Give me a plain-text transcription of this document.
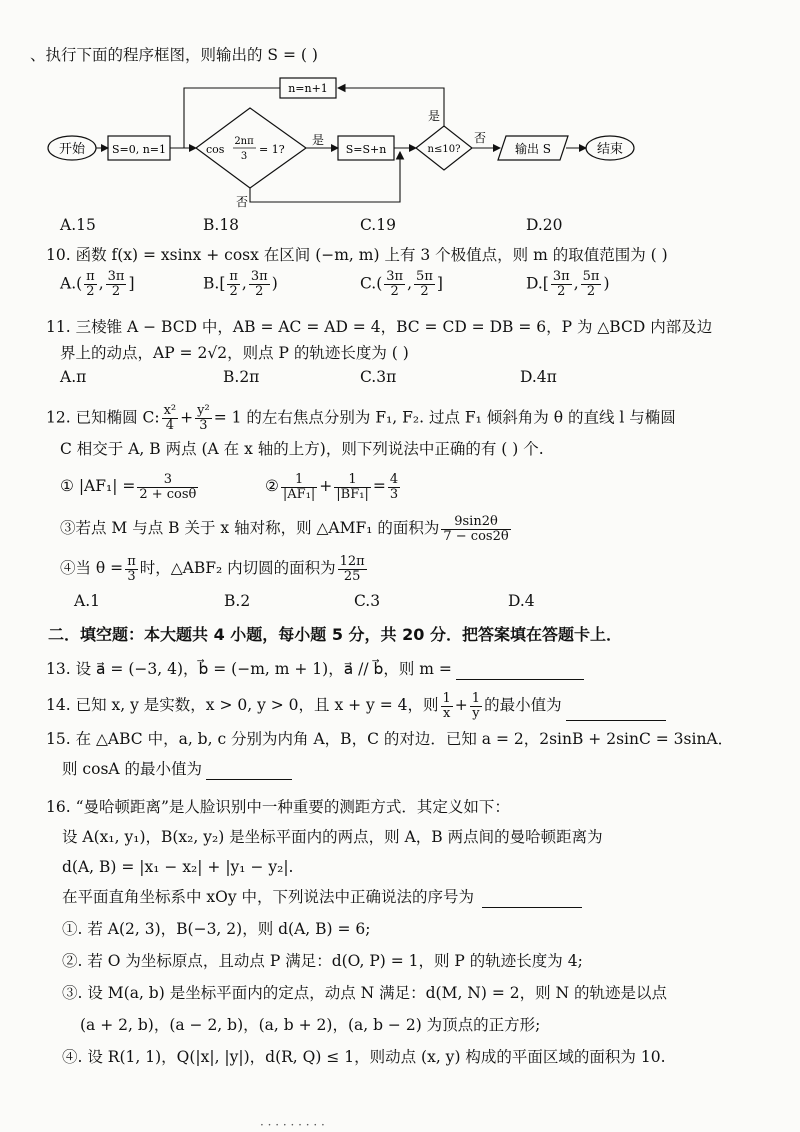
、执行下面的程序框图，则输出的 S = ( )
开始 S=0, n=1	cos
2nπ
3
= 1?
是
否
S=S+n	n≤10?
是
n=n+1
否
输出 S	结束
A.15	B.18	C.19	D.20
10. 函数 f(x) = xsinx + cosx 在区间 (−m, m) 上有 3 个极值点，则 m 的取值范围为 ( )
$A.( \frac{\pi}{2}$ , $\frac{3\pi}{2}$ ]	$B.[ \frac{\pi}{2}$ , $\frac{3\pi}{2}$ )	$C.( \frac{3\pi}{2}$ , $\frac{5\pi}{2}$ ]	$D.[ \frac{3\pi}{2}$ , $\frac{5\pi}{2}$ )
11. 三棱锥 A − BCD 中，AB = AC = AD = 4，BC = CD = DB = 6，P 为 △BCD 内部及边
界上的动点，AP = 2√2，则点 P 的轨迹长度为 ( )
A.π	B.2π	C.3π	D.4π
12. 已知椭圆 C: $\frac{\text{x²}}{4} + \frac{\text{y²}}{3} = 1$ 的左右焦点分别为 F₁, F₂. 过点 F₁ 倾斜角为 θ 的直线 l 与椭圆
C 相交于 A, B 两点 (A 在 x 轴的上方)，则下列说法中正确的有 ( ) 个.
① $|AF_1| = \frac{3}{2 + \cos\theta}$	② $\frac{1}{\text{|AF₁|}} + \frac{1}{\text{|BF₁|}} = \frac{4}{3}$
③若点 M 与点 B 关于 x 轴对称，则 △AMF₁ 的面积为 $\frac{9\sin 2\theta}{7 - \cos 2\theta}$
④当 $\theta = \frac{\pi}{3}$ 时，△ABF₂ 内切圆的面积为 $\frac{12\pi}{25}$
A.1	B.2	C.3	D.4
二．填空题：本大题共 4 小题，每小题 5 分，共 20 分．把答案填在答题卡上．
13. 设 a⃗ = (−3, 4)，b⃗ = (−m, m + 1)，a⃗ // b⃗，则 m =
14. 已知 x, y 是实数，x > 0, y > 0，且 x + y = 4，则 $\frac{1}{x} + \frac{1}{y}$ 的最小值为
15. 在 △ABC 中，a, b, c 分别为内角 A，B，C 的对边．已知 a = 2，2sinB + 2sinC = 3sinA．
则 cosA 的最小值为
16. “曼哈顿距离”是人脸识别中一种重要的测距方式．其定义如下：
设 A(x₁, y₁)，B(x₂, y₂) 是坐标平面内的两点，则 A，B 两点间的曼哈顿距离为
d(A, B) = |x₁ − x₂| + |y₁ − y₂|.
在平面直角坐标系中 xOy 中，下列说法中正确说法的序号为
①. 若 A(2, 3)，B(−3, 2)，则 d(A, B) = 6;
②. 若 O 为坐标原点，且动点 P 满足：d(O, P) = 1，则 P 的轨迹长度为 4;
③. 设 M(a, b) 是坐标平面内的定点，动点 N 满足：d(M, N) = 2，则 N 的轨迹是以点
(a + 2, b)，(a − 2, b)，(a, b + 2)，(a, b − 2) 为顶点的正方形;
④. 设 R(1, 1)，Q(|x|, |y|)，d(R, Q) ≤ 1，则动点 (x, y) 构成的平面区域的面积为 10.
· · · · · · · · ·
